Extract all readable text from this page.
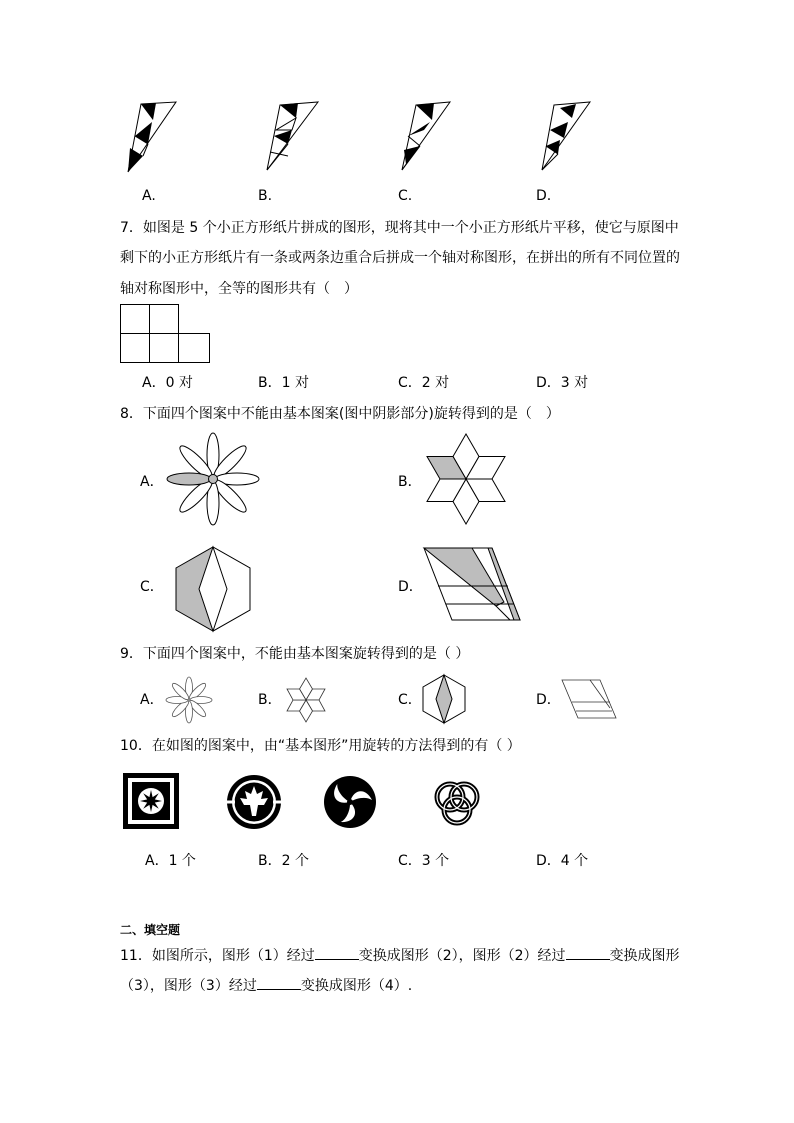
A.	B.	C.	D.
7．如图是 5 个小正方形纸片拼成的图形，现将其中一个小正方形纸片平移，使它与原图中
剩下的小正方形纸片有一条或两条边重合后拼成一个轴对称图形，在拼出的所有不同位置的
轴对称图形中，全等的图形共有（　）
A．0 对	B．1 对	C．2 对	D．3 对
8．下面四个图案中不能由基本图案(图中阴影部分)旋转得到的是（　）
A．	B．
C．	D．
9．下面四个图案中，不能由基本图案旋转得到的是（ ）
A．	B．	C．	D．
10．在如图的图案中，由“基本图形”用旋转的方法得到的有（ ）
A．1 个	B．2 个	C．3 个	D．4 个
二、填空题
11．如图所示，图形（1）经过	变换成图形（2），图形（2）经过	变换成图形
（3），图形（3）经过	变换成图形（4）.
